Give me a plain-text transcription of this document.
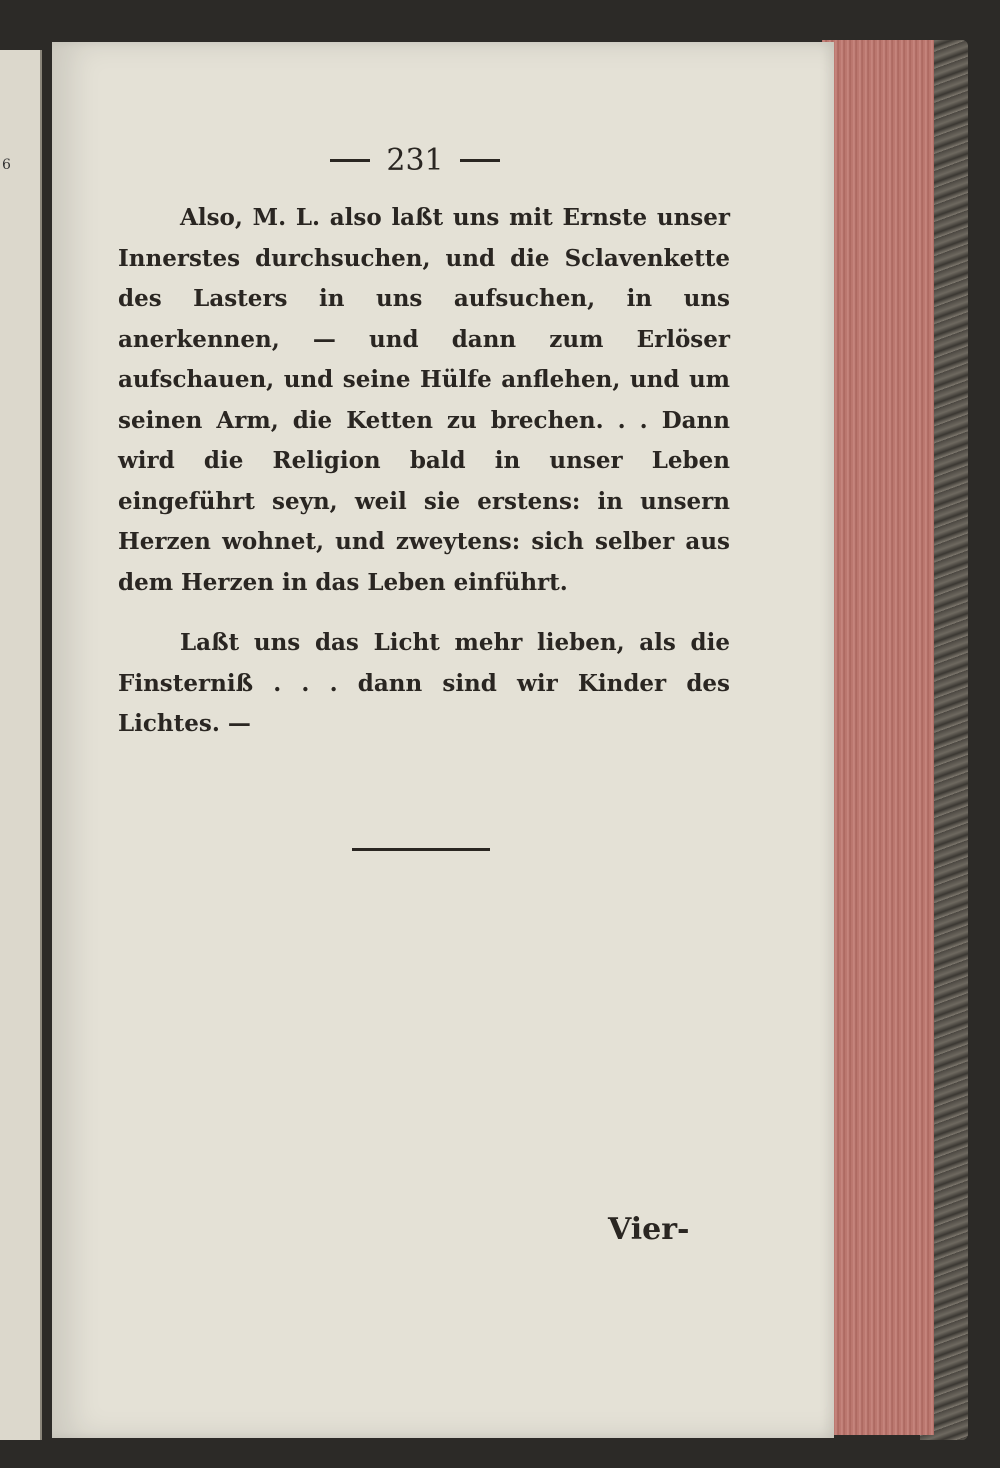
6	231

Also, M. L. also laßt uns mit Ernste unser Innerstes durchsuchen, und die Sclavenkette des Lasters in uns aufsuchen, in uns anerkennen, — und dann zum Erlöser aufschauen, und seine Hülfe anflehen, und um seinen Arm, die Ketten zu brechen. . . Dann wird die Religion bald in unser Leben eingeführt seyn, weil sie erstens: in unsern Herzen wohnet, und zweytens: sich selber aus dem Herzen in das Leben einführt.

Laßt uns das Licht mehr lieben, als die Finsterniß . . . dann sind wir Kinder des Lichtes. —

Vier-
